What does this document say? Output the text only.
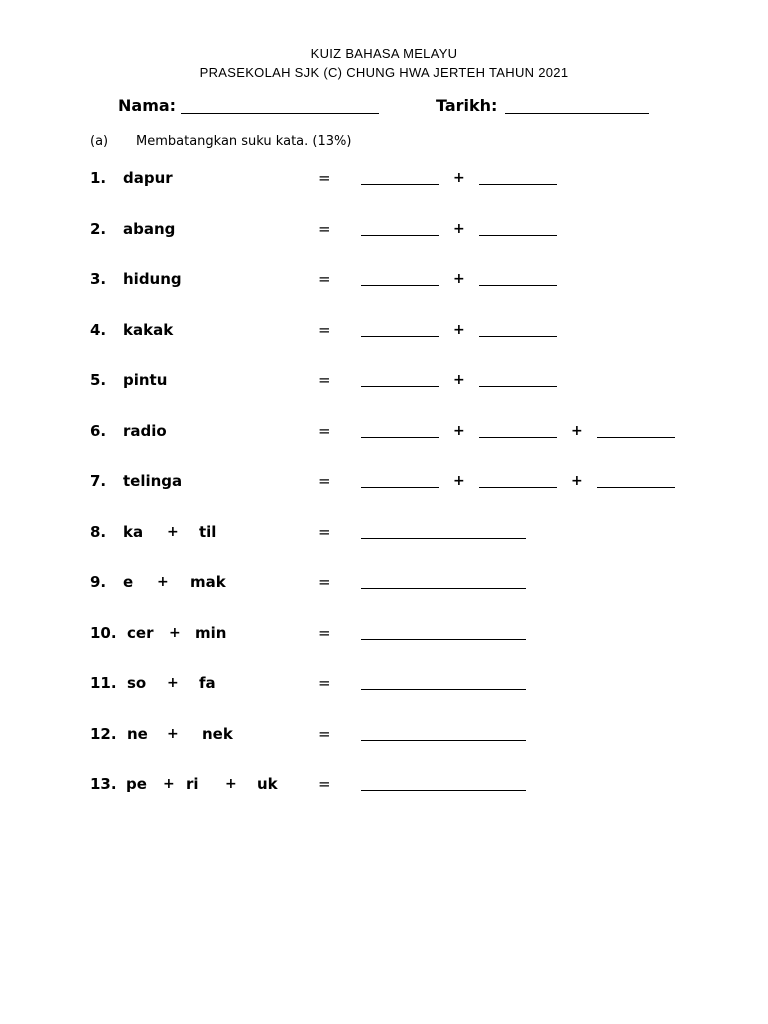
KUIZ BAHASA MELAYU
PRASEKOLAH SJK (C) CHUNG HWA JERTEH TAHUN 2021
Nama:	Tarikh:
(a) Membatangkan suku kata. (13%)
1. dapur	=	+
2. abang	=	+
3. hidung	=	+
4. kakak	=	+
5. pintu	=	+
6. radio	=	+	+
7. telinga	=	+	+
8. ka + til	=
9. e + mak	=
10. cer + min	=
11. so + fa	=
12. ne + nek	=
13. pe + ri + uk	=
